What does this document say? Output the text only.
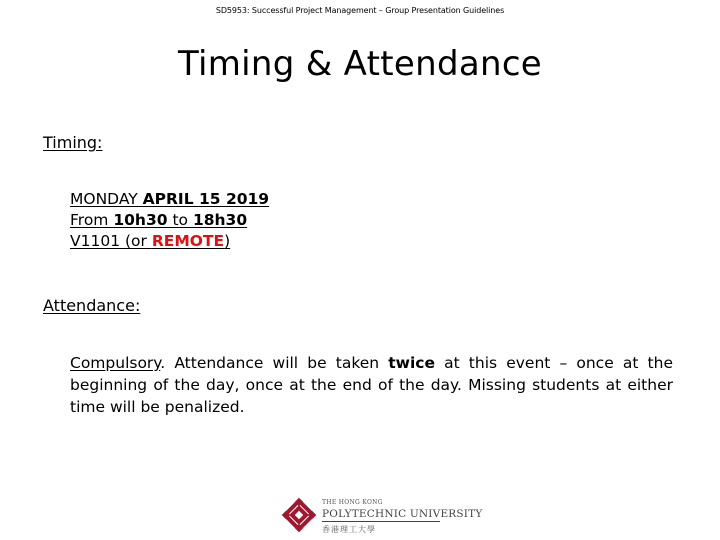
SD5953: Successful Project Management – Group Presentation Guidelines
Timing & Attendance
Timing:
MONDAY APRIL 15 2019
From 10h30 to 18h30
V1101 (or REMOTE)
Attendance:
Compulsory. Attendance will be taken twice at this event – once at the beginning of the day, once at the end of the day. Missing students at either time will be penalized.
THE HONG KONG
POLYTECHNIC UNIVERSITY
香港理工大學
